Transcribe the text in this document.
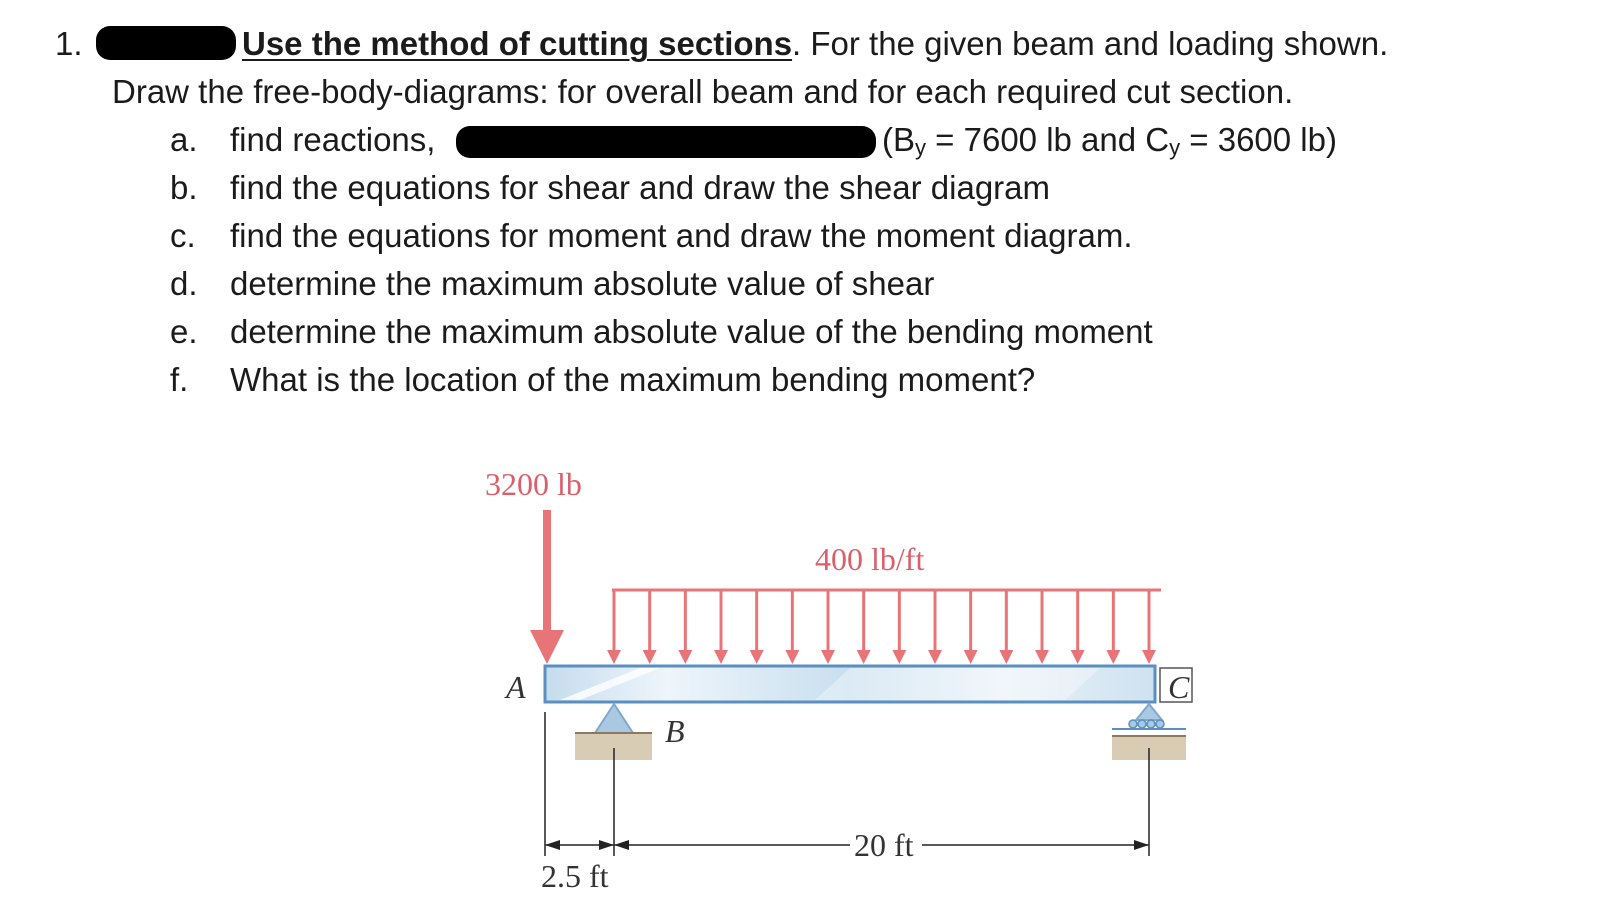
1.	Use the method of cutting sections. For the given beam and loading shown.
Draw the free-body-diagrams: for overall beam and for each required cut section.
a. find reactions,	($B_y = 7600$ lb and $C_y = 3600$ lb)
b. find the equations for shear and draw the shear diagram
c. find the equations for moment and draw the moment diagram.
d. determine the maximum absolute value of shear
e. determine the maximum absolute value of the bending moment
f. What is the location of the maximum bending moment?
3200 lb
400 lb/ft
A
B
C
20 ft
2.5 ft
